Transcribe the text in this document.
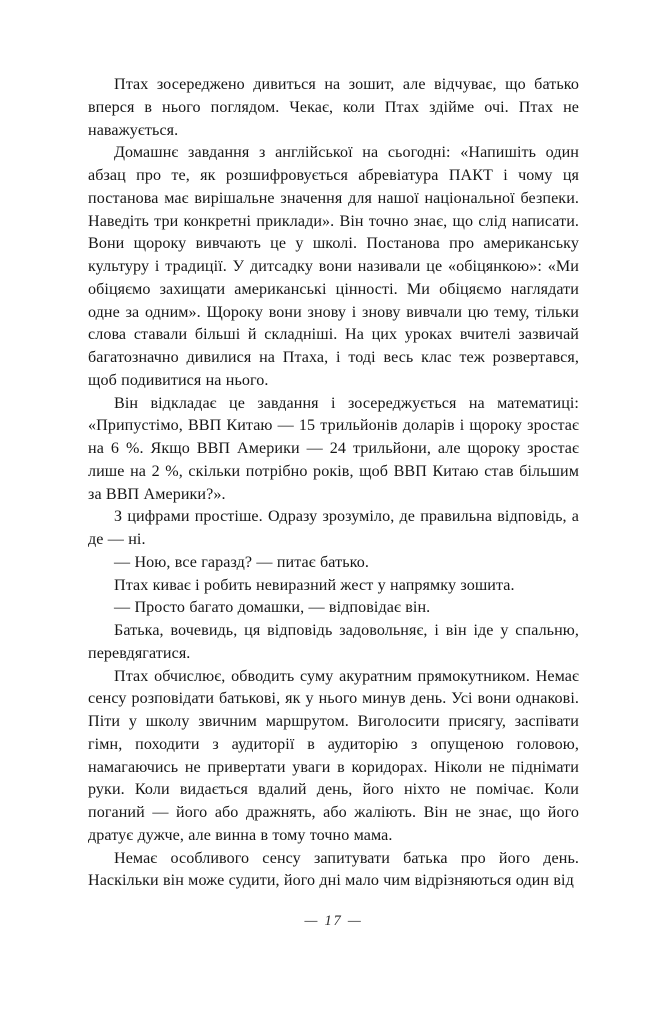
Птах зосереджено дивиться на зошит, але відчуває, що батько вперся в нього поглядом. Чекає, коли Птах здійме очі. Птах не наважується.

Домашнє завдання з англійської на сьогодні: «Напишіть один абзац про те, як розшифровується абревіатура ПАКТ і чому ця постанова має вирішальне значення для нашої національної безпеки. Наведіть три конкретні приклади». Він точно знає, що слід написати. Вони щороку вивчають це у школі. Постанова про американську культуру і традиції. У дитсадку вони називали це «обіцянкою»: «Ми обіцяємо захищати американські цінності. Ми обіцяємо наглядати одне за одним». Щороку вони знову і знову вивчали цю тему, тільки слова ставали більші й складніші. На цих уроках вчителі зазвичай багатозначно дивилися на Птаха, і тоді весь клас теж розвертався, щоб подивитися на нього.

Він відкладає це завдання і зосереджується на математиці: «Припустімо, ВВП Китаю — 15 трильйонів доларів і щороку зростає на 6 %. Якщо ВВП Америки — 24 трильйони, але щороку зростає лише на 2 %, скільки потрібно років, щоб ВВП Китаю став більшим за ВВП Америки?».

З цифрами простіше. Одразу зрозуміло, де правильна відповідь, а де — ні.

— Ною, все гаразд? — питає батько.

Птах киває і робить невиразний жест у напрямку зошита.

— Просто багато домашки, — відповідає він.

Батька, вочевидь, ця відповідь задовольняє, і він іде у спальню, перевдягатися.

Птах обчислює, обводить суму акуратним прямокутником. Немає сенсу розповідати батькові, як у нього минув день. Усі вони однакові. Піти у школу звичним маршрутом. Виголосити присягу, заспівати гімн, походити з аудиторії в аудиторію з опущеною головою, намагаючись не привертати уваги в коридорах. Ніколи не піднімати руки. Коли видається вдалий день, його ніхто не помічає. Коли поганий — його або дражнять, або жаліють. Він не знає, що його дратує дужче, але винна в тому точно мама.

Немає особливого сенсу запитувати батька про його день. Наскільки він може судити, його дні мало чим відрізняються один від

— 17 —
